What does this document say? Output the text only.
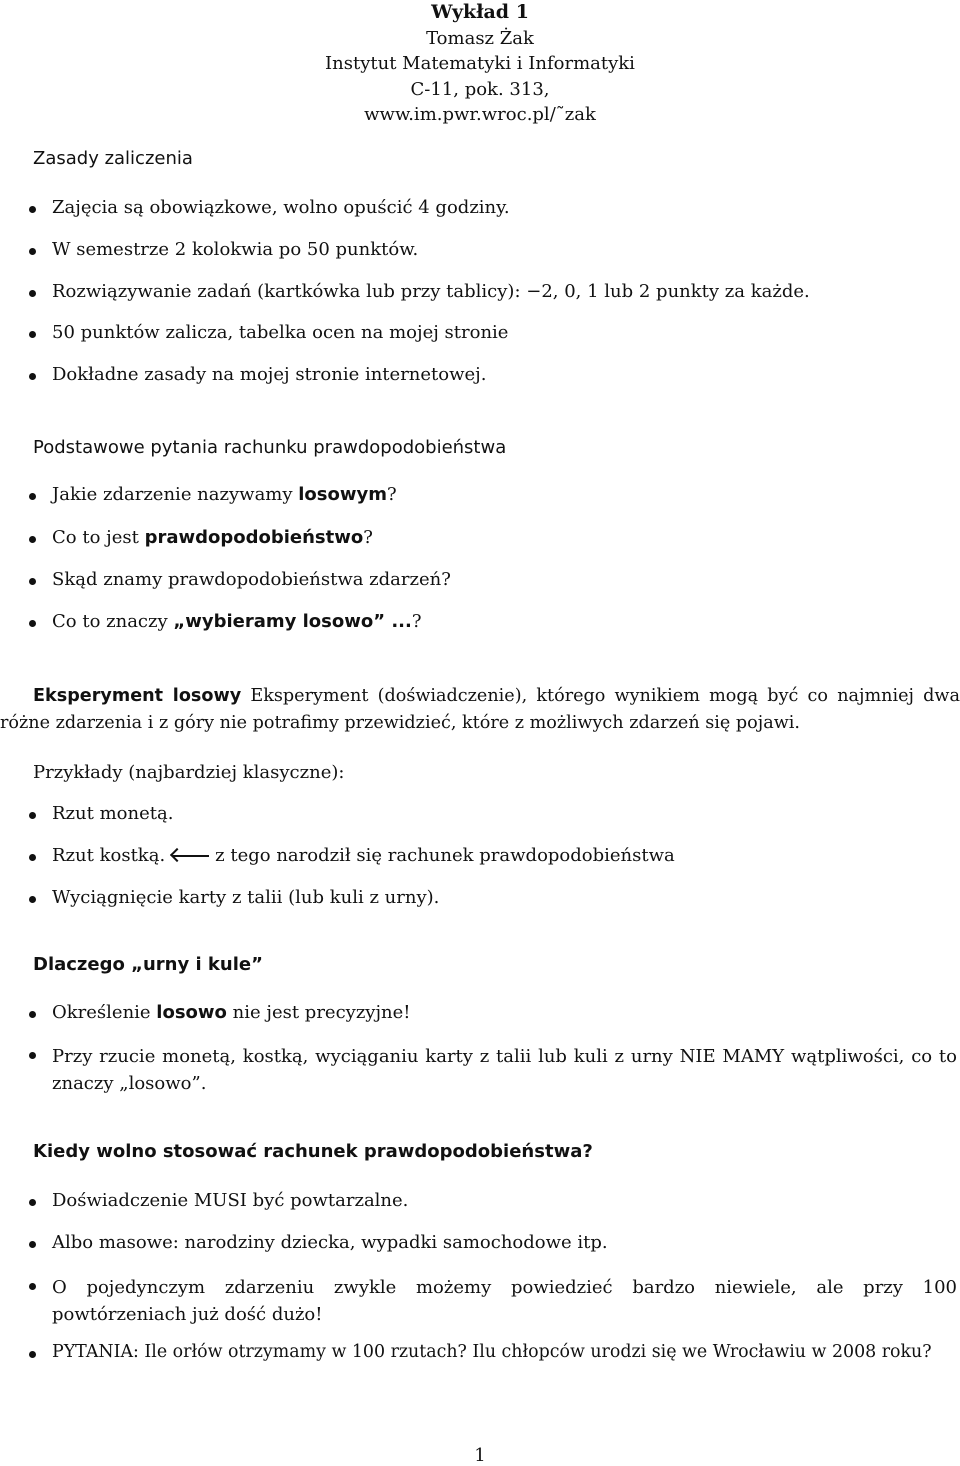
Wykład 1
Tomasz Żak
Instytut Matematyki i Informatyki
C-11, pok. 313,
www.im.pwr.wroc.pl/˜zak
Zasady zaliczenia
Zajęcia są obowiązkowe, wolno opuścić 4 godziny.
W semestrze 2 kolokwia po 50 punktów.
Rozwiązywanie zadań (kartkówka lub przy tablicy): −2, 0, 1 lub 2 punkty za każde.
50 punktów zalicza, tabelka ocen na mojej stronie
Dokładne zasady na mojej stronie internetowej.
Podstawowe pytania rachunku prawdopodobieństwa
Jakie zdarzenie nazywamy losowym?
Co to jest prawdopodobieństwo?
Skąd znamy prawdopodobieństwa zdarzeń?
Co to znaczy „wybieramy losowo” ...?
Eksperyment losowy Eksperyment (doświadczenie), którego wynikiem mogą być co najmniej dwa różne zdarzenia i z góry nie potrafimy przewidzieć, które z możliwych zdarzeń się pojawi.
Przykłady (najbardziej klasyczne):
Rzut monetą.
Rzut kostką.	z tego narodził się rachunek prawdopodobieństwa
Wyciągnięcie karty z talii (lub kuli z urny).
Dlaczego „urny i kule”
Określenie losowo nie jest precyzyjne!
Przy rzucie monetą, kostką, wyciąganiu karty z talii lub kuli z urny NIE MAMY wątpliwości, co to znaczy „losowo”.
Kiedy wolno stosować rachunek prawdopodobieństwa?
Doświadczenie MUSI być powtarzalne.
Albo masowe: narodziny dziecka, wypadki samochodowe itp.
O pojedynczym zdarzeniu zwykle możemy powiedzieć bardzo niewiele, ale przy 100 powtórzeniach już dość dużo!
PYTANIA: Ile orłów otrzymamy w 100 rzutach? Ilu chłopców urodzi się we Wrocławiu w 2008 roku?
1
